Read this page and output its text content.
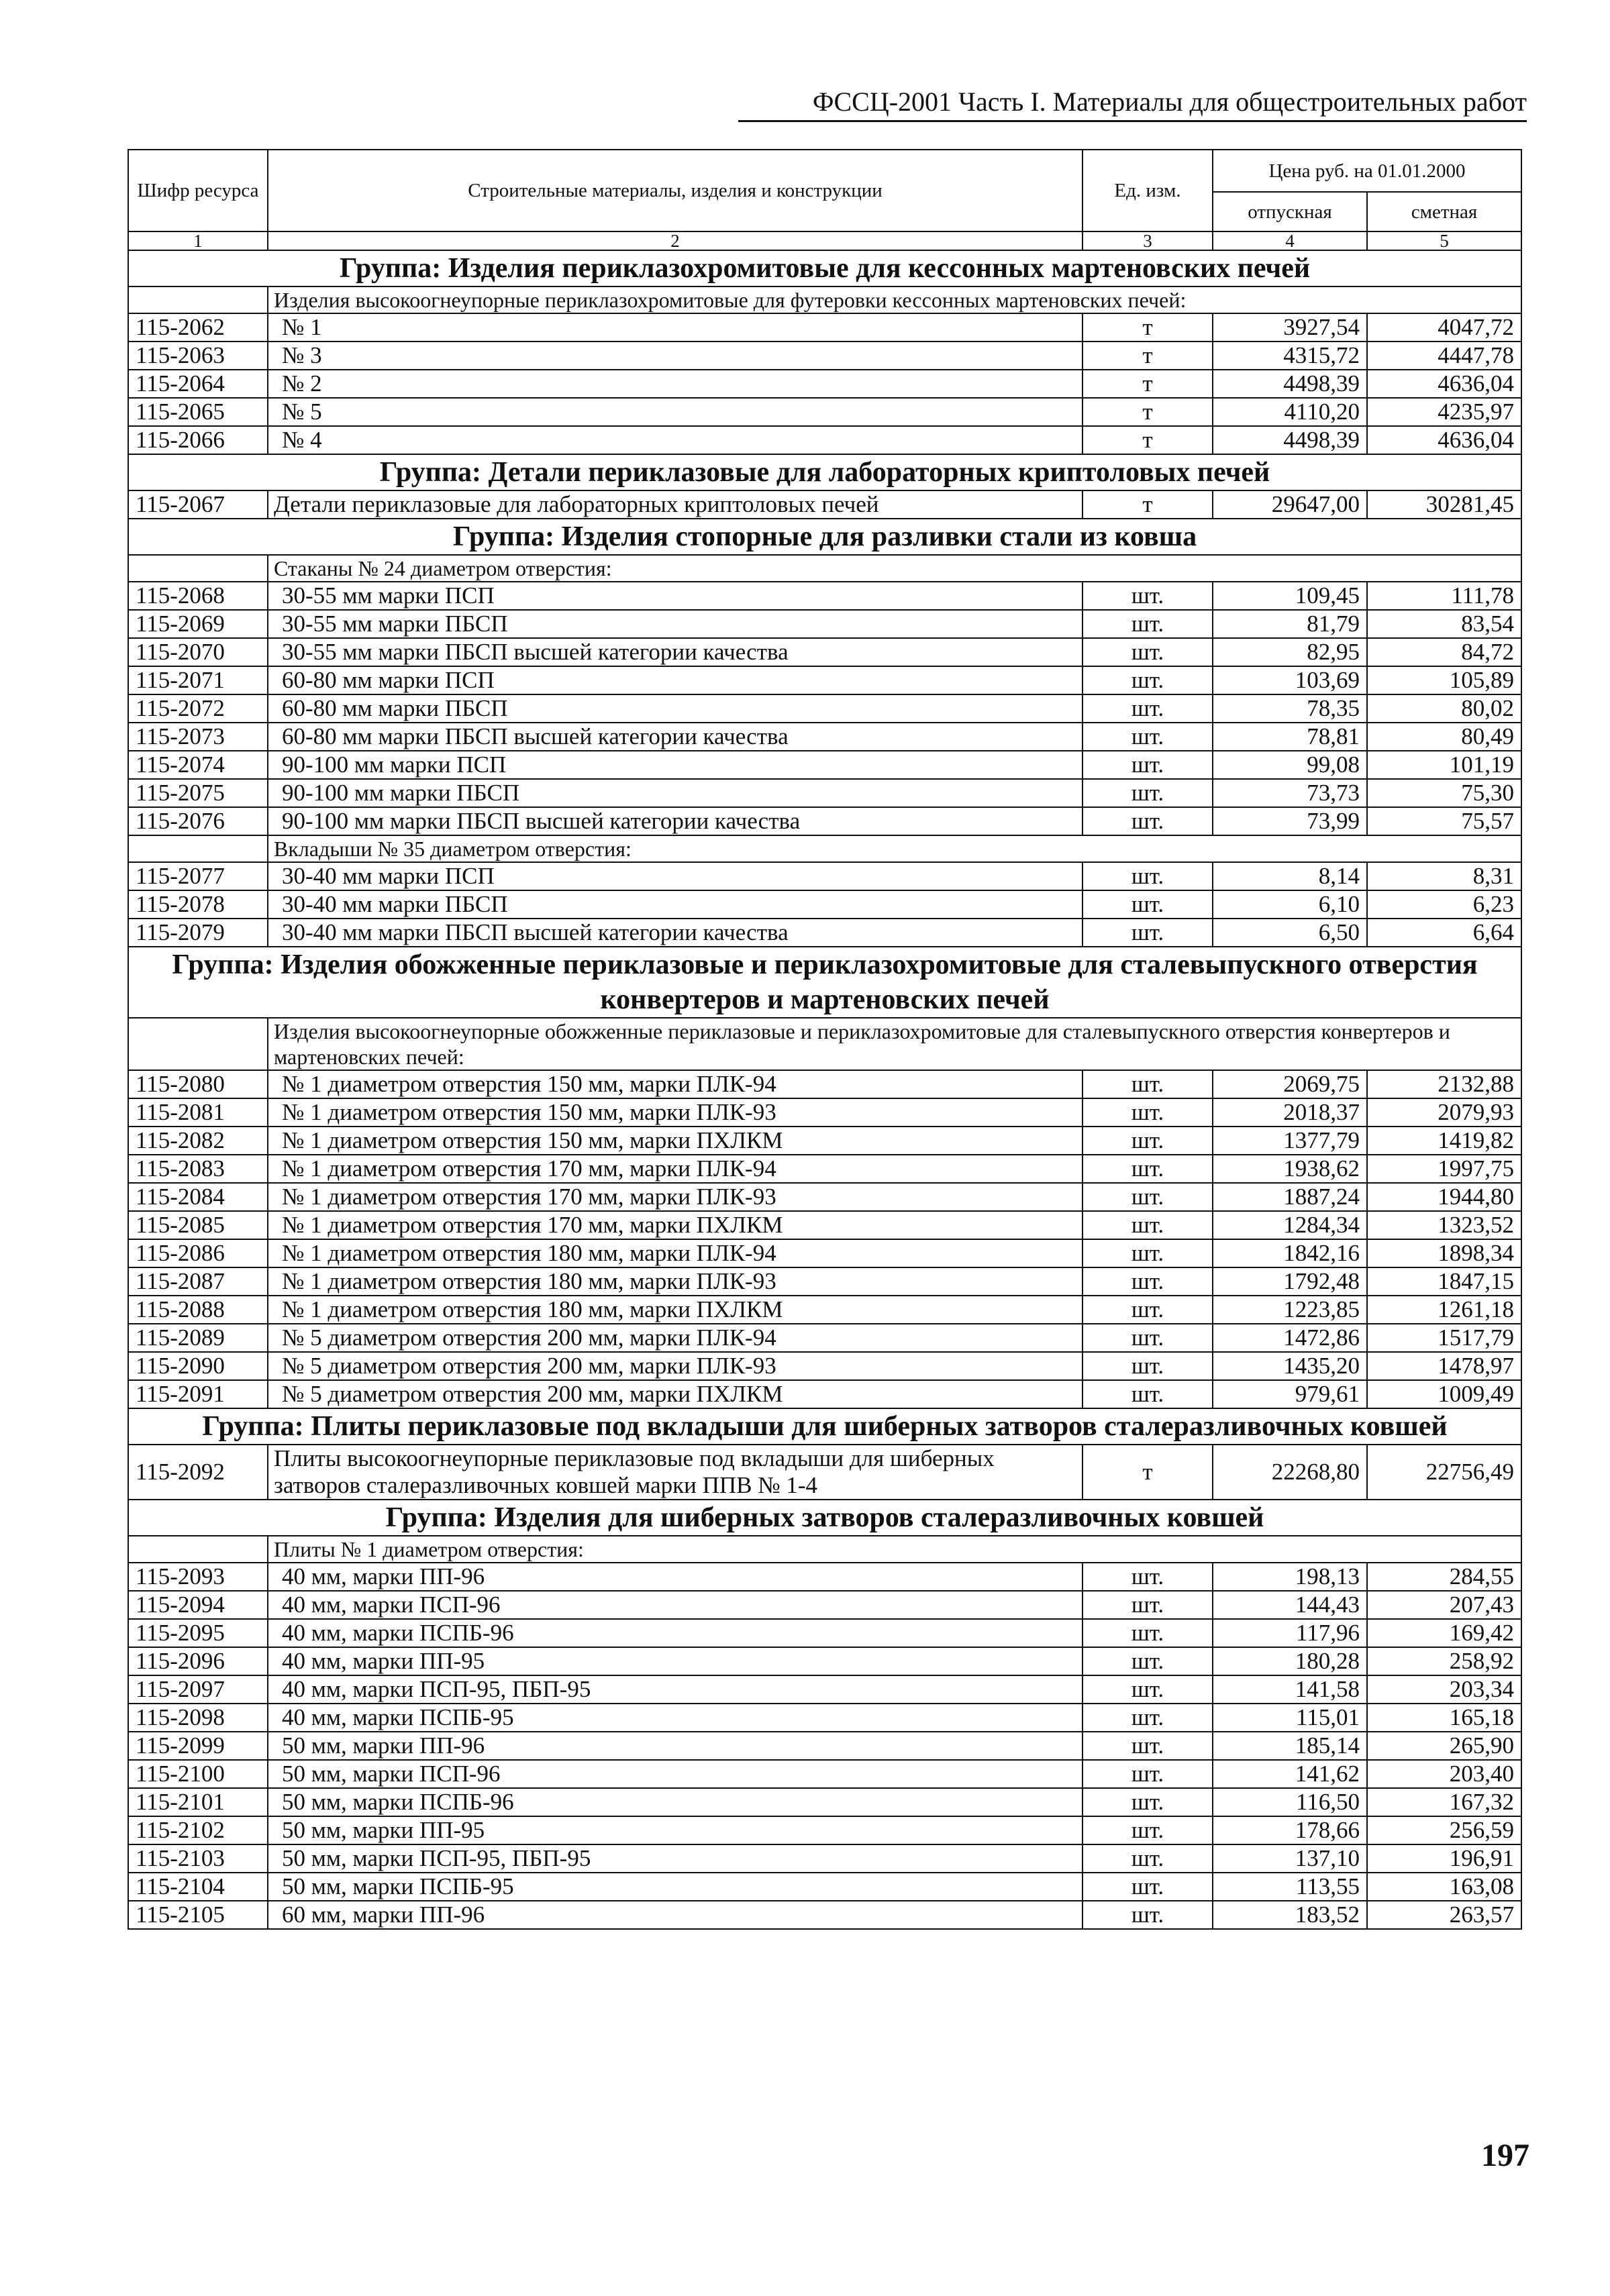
ФССЦ-2001 Часть I. Материалы для общестроительных работ
Шифр ресурса	Строительные материалы, изделия и конструкции	Ед. изм.	Цена руб. на 01.01.2000	
			отпускная	сметная
1	2	3	4	5
Группа: Изделия периклазохромитовые для кессонных мартеновских печей				
	Изделия высокоогнеупорные периклазохромитовые для футеровки кессонных мартеновских печей:			
115-2062	№ 1	т	3927,54	4047,72
115-2063	№ 3	т	4315,72	4447,78
115-2064	№ 2	т	4498,39	4636,04
115-2065	№ 5	т	4110,20	4235,97
115-2066	№ 4	т	4498,39	4636,04
Группа: Детали периклазовые для лабораторных криптоловых печей				
115-2067	Детали периклазовые для лабораторных криптоловых печей	т	29647,00	30281,45
Группа: Изделия стопорные для разливки стали из ковша				
	Стаканы № 24 диаметром отверстия:			
115-2068	30-55 мм марки ПСП	шт.	109,45	111,78
115-2069	30-55 мм марки ПБСП	шт.	81,79	83,54
115-2070	30-55 мм марки ПБСП высшей категории качества	шт.	82,95	84,72
115-2071	60-80 мм марки ПСП	шт.	103,69	105,89
115-2072	60-80 мм марки ПБСП	шт.	78,35	80,02
115-2073	60-80 мм марки ПБСП высшей категории качества	шт.	78,81	80,49
115-2074	90-100 мм марки ПСП	шт.	99,08	101,19
115-2075	90-100 мм марки ПБСП	шт.	73,73	75,30
115-2076	90-100 мм марки ПБСП высшей категории качества	шт.	73,99	75,57
	Вкладыши № 35 диаметром отверстия:			
115-2077	30-40 мм марки ПСП	шт.	8,14	8,31
115-2078	30-40 мм марки ПБСП	шт.	6,10	6,23
115-2079	30-40 мм марки ПБСП высшей категории качества	шт.	6,50	6,64
Группа: Изделия обожженные периклазовые и периклазохромитовые для сталевыпускного отверстия конвертеров и мартеновских печей				
	Изделия высокоогнеупорные обожженные периклазовые и периклазохромитовые для сталевыпускного отверстия конвертеров и мартеновских печей:			
115-2080	№ 1 диаметром отверстия 150 мм, марки ПЛК-94	шт.	2069,75	2132,88
115-2081	№ 1 диаметром отверстия 150 мм, марки ПЛК-93	шт.	2018,37	2079,93
115-2082	№ 1 диаметром отверстия 150 мм, марки ПХЛКМ	шт.	1377,79	1419,82
115-2083	№ 1 диаметром отверстия 170 мм, марки ПЛК-94	шт.	1938,62	1997,75
115-2084	№ 1 диаметром отверстия 170 мм, марки ПЛК-93	шт.	1887,24	1944,80
115-2085	№ 1 диаметром отверстия 170 мм, марки ПХЛКМ	шт.	1284,34	1323,52
115-2086	№ 1 диаметром отверстия 180 мм, марки ПЛК-94	шт.	1842,16	1898,34
115-2087	№ 1 диаметром отверстия 180 мм, марки ПЛК-93	шт.	1792,48	1847,15
115-2088	№ 1 диаметром отверстия 180 мм, марки ПХЛКМ	шт.	1223,85	1261,18
115-2089	№ 5 диаметром отверстия 200 мм, марки ПЛК-94	шт.	1472,86	1517,79
115-2090	№ 5 диаметром отверстия 200 мм, марки ПЛК-93	шт.	1435,20	1478,97
115-2091	№ 5 диаметром отверстия 200 мм, марки ПХЛКМ	шт.	979,61	1009,49
Группа: Плиты периклазовые под вкладыши для шиберных затворов сталеразливочных ковшей				
115-2092	Плиты высокоогнеупорные периклазовые под вкладыши для шиберных затворов сталеразливочных ковшей марки ППВ № 1-4	т	22268,80	22756,49
Группа: Изделия для шиберных затворов сталеразливочных ковшей				
	Плиты № 1 диаметром отверстия:			
115-2093	40 мм, марки ПП-96	шт.	198,13	284,55
115-2094	40 мм, марки ПСП-96	шт.	144,43	207,43
115-2095	40 мм, марки ПСПБ-96	шт.	117,96	169,42
115-2096	40 мм, марки ПП-95	шт.	180,28	258,92
115-2097	40 мм, марки ПСП-95, ПБП-95	шт.	141,58	203,34
115-2098	40 мм, марки ПСПБ-95	шт.	115,01	165,18
115-2099	50 мм, марки ПП-96	шт.	185,14	265,90
115-2100	50 мм, марки ПСП-96	шт.	141,62	203,40
115-2101	50 мм, марки ПСПБ-96	шт.	116,50	167,32
115-2102	50 мм, марки ПП-95	шт.	178,66	256,59
115-2103	50 мм, марки ПСП-95, ПБП-95	шт.	137,10	196,91
115-2104	50 мм, марки ПСПБ-95	шт.	113,55	163,08
115-2105	60 мм, марки ПП-96	шт.	183,52	263,57
197
